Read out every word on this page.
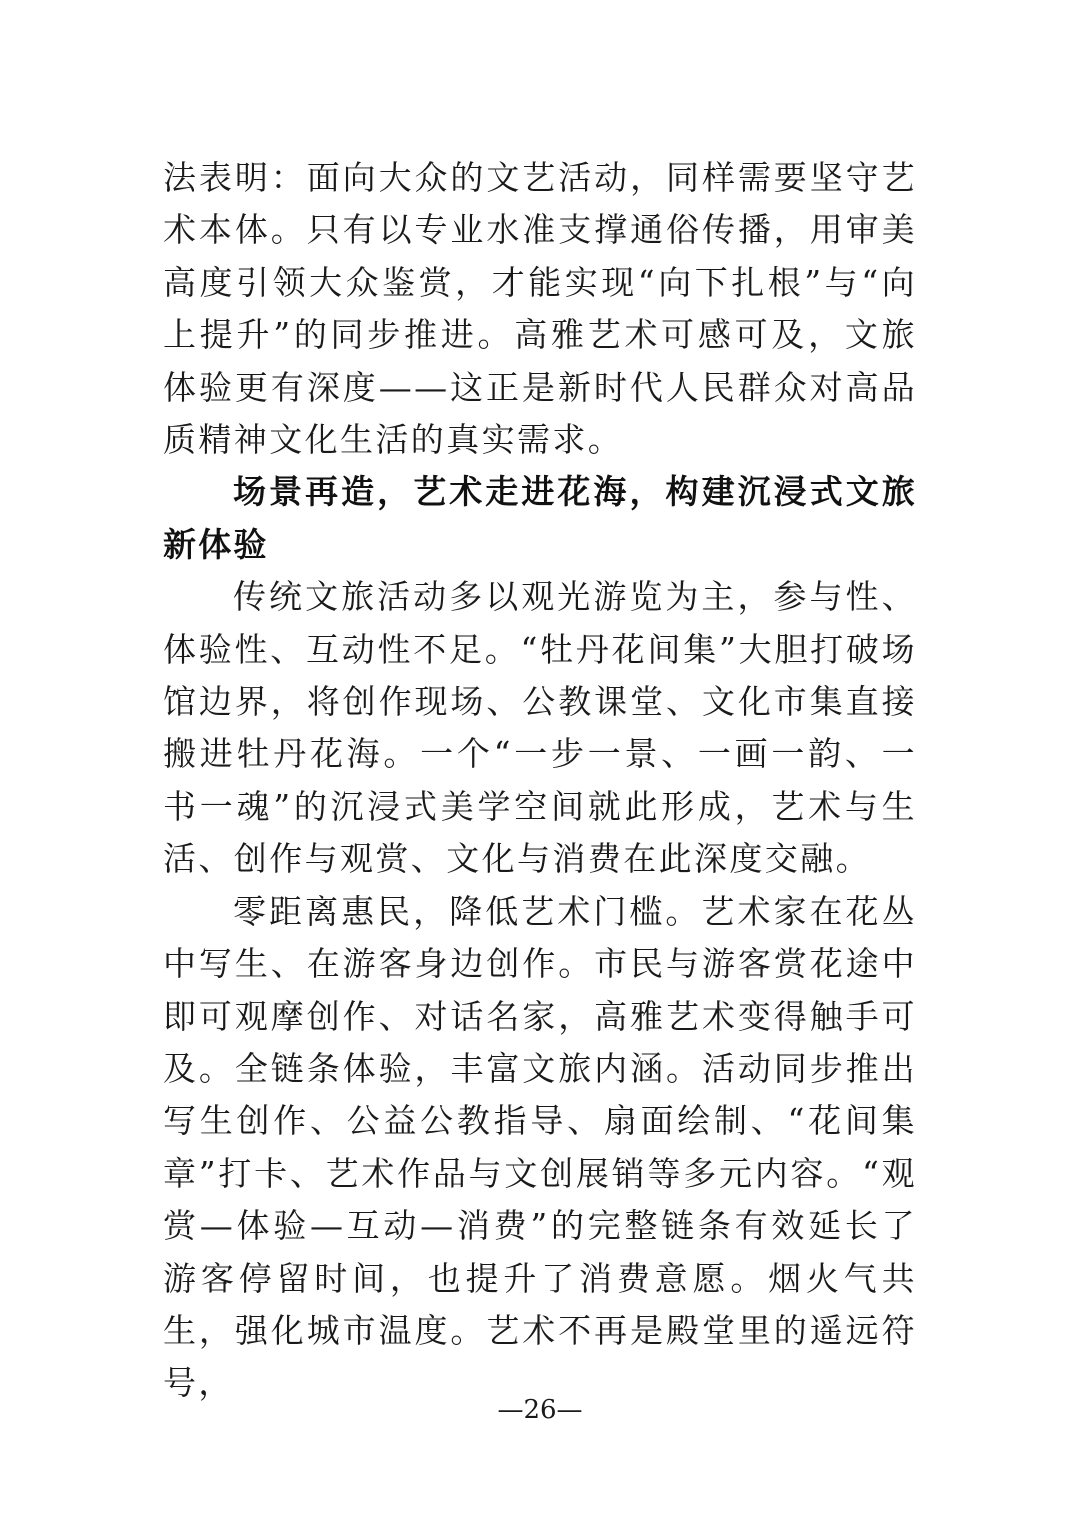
法表明：面向大众的文艺活动，同样需要坚守艺术本体。只有以专业水准支撑通俗传播，用审美高度引领大众鉴赏，才能实现“向下扎根”与“向上提升”的同步推进。高雅艺术可感可及，文旅体验更有深度——这正是新时代人民群众对高品质精神文化生活的真实需求。

场景再造，艺术走进花海，构建沉浸式文旅新体验

传统文旅活动多以观光游览为主，参与性、体验性、互动性不足。“牡丹花间集”大胆打破场馆边界，将创作现场、公教课堂、文化市集直接搬进牡丹花海。一个“一步一景、一画一韵、一书一魂”的沉浸式美学空间就此形成，艺术与生活、创作与观赏、文化与消费在此深度交融。

零距离惠民，降低艺术门槛。艺术家在花丛中写生、在游客身边创作。市民与游客赏花途中即可观摩创作、对话名家，高雅艺术变得触手可及。全链条体验，丰富文旅内涵。活动同步推出写生创作、公益公教指导、扇面绘制、“花间集章”打卡、艺术作品与文创展销等多元内容。“观赏—体验—互动—消费”的完整链条有效延长了游客停留时间，也提升了消费意愿。烟火气共生，强化城市温度。艺术不再是殿堂里的遥远符号，

—26—
